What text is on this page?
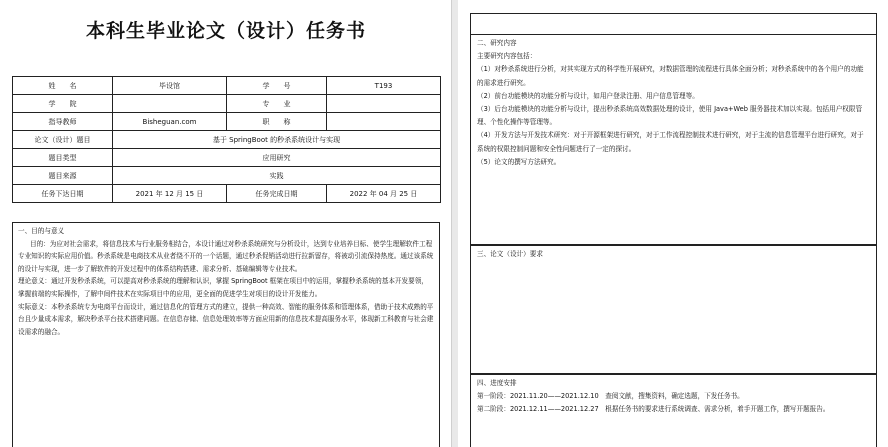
本科生毕业论文（设计）任务书
姓　　名	毕设馆	学　　号	T193
学　　院		专　　业	
指导教师	Bisheguan.com	职　　称	
论文（设计）题目	基于 SpringBoot 的秒杀系统设计与实现		
题目类型	应用研究		
题目来源	实践		
任务下达日期	2021 年 12 月 15 日	任务完成日期	2022 年 04 月 25 日

一、目的与意义

目的：为应对社会需求，将信息技术与行业服务相结合，本设计通过对秒杀系统研究与分析设计，达到专业培养目标、使学生理解软件工程专业知识的实际应用价值。秒杀系统是电商技术从业者绕不开的一个话题，通过秒杀促销活动进行拉新留存，将被动引流保持热度。通过该系统的设计与实现，进一步了解软件的开发过程中的体系结构搭建、需求分析、基础编辑等专业技术。

理论意义：通过开发秒杀系统，可以提高对秒杀系统的理解和认识，掌握 SpringBoot 框架在项目中的运用，掌握秒杀系统的基本开发要领，掌握前端的实际操作，了解中间件技术在实际项目中的应用，更全面的促进学生对项目的设计开发能力。

实际意义：本秒杀系统专为电商平台而设计，通过信息化的管理方式的建立，提供一种高效、智能的服务体系和管理体系，借助于技术成熟的平台且少量成本需求，解决秒杀平台技术搭建问题。在信息存储、信息处理效率等方面应用新的信息技术提高服务水平，体现新工科教育与社会建设需求的融合。

二、研究内容

主要研究内容包括：

（1）对秒杀系统进行分析，对其实现方式的科学性开展研究，对数据管理的流程进行具体全面分析；对秒杀系统中的各个用户的功能的需求进行研究。

（2）前台功能模块的功能分析与设计，如用户登录注册、用户信息管理等。

（3）后台功能模块的功能分析与设计，提出秒杀系统高效数据处理的设计，使用 Java+Web 服务器技术加以实现。包括用户权限管理、个性化操作等管理等。

（4）开发方法与开发技术研究：对于开源框架进行研究，对于工作流程控制技术进行研究，对于主流的信息管理平台进行研究，对于系统的权限控制问题和安全性问题进行了一定的探讨。

（5）论文的撰写方法研究。

三、论文（设计）要求

四、进度安排

第一阶段：2021.11.20——2021.12.10　查阅文献，搜集资料，确定选题，下发任务书。

第二阶段：2021.12.11——2021.12.27　根据任务书的要求进行系统调查、需求分析，着手开题工作，撰写开题报告。
